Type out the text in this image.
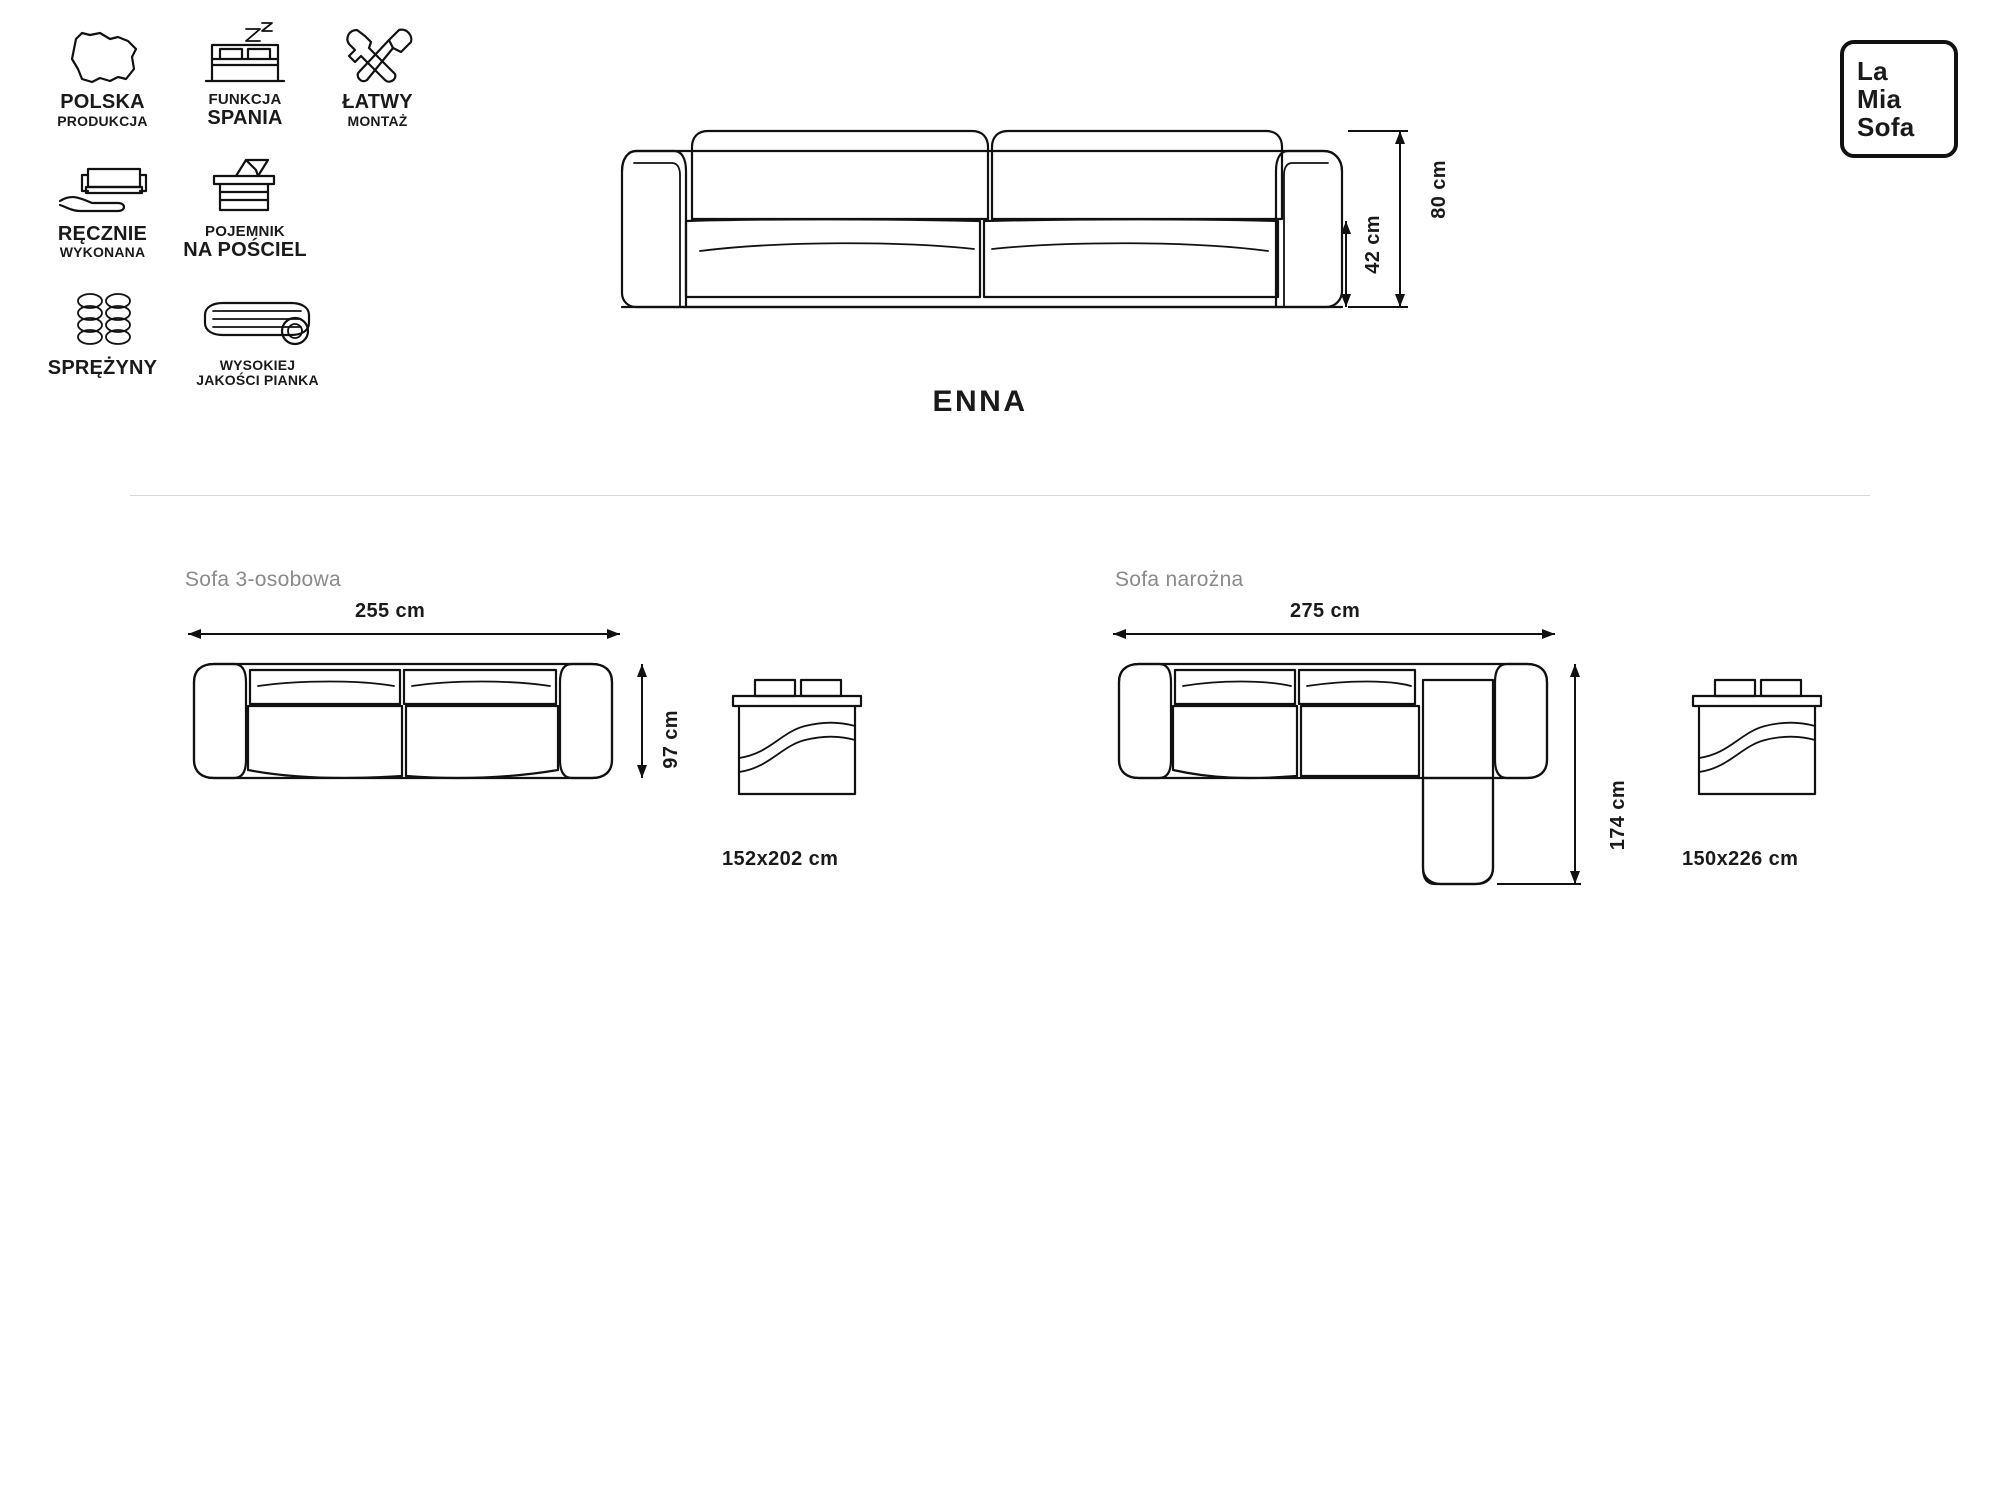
POLSKA
PRODUKCJA
FUNKCJA
SPANIA
ŁATWY
MONTAŻ
RĘCZNIE
WYKONANA
POJEMNIK
NA POŚCIEL
SPRĘŻYNY	WYSOKIEJ
JAKOŚCI PIANKA
La
Mia
Sofa
80 cm
42 cm
ENNA
Sofa 3-osobowa
255 cm
97 cm
152x202 cm
Sofa narożna
275 cm
174 cm
150x226 cm
